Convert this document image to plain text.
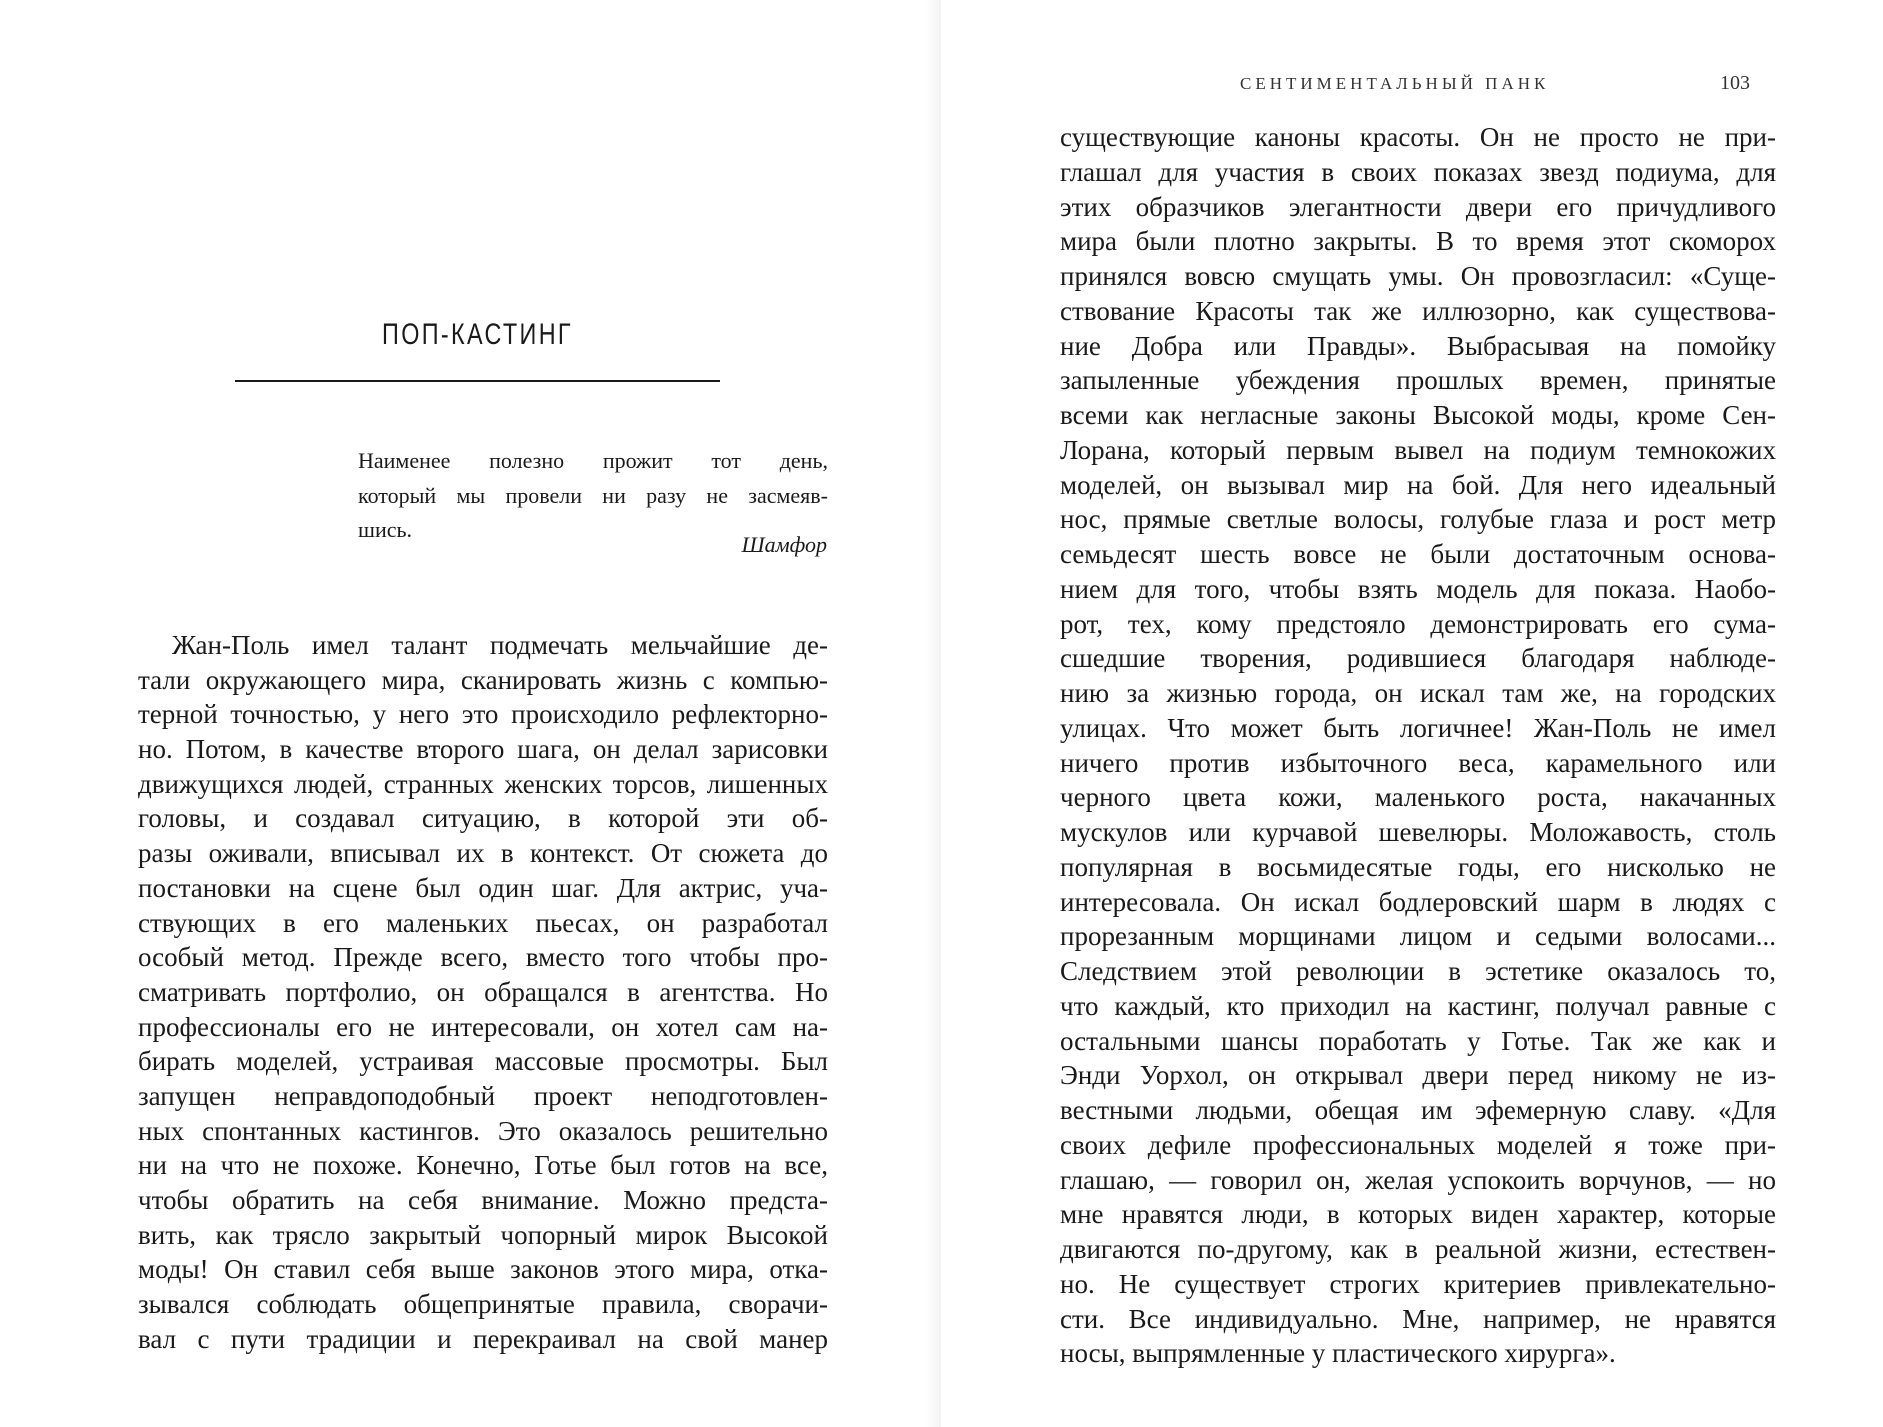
ПОП-КАСТИНГ
Наименее полезно прожит тот день,
который мы провели ни разу не засмеяв-
шись.

Шамфор

Жан-Поль имел талант подмечать мельчайшие де-
тали окружающего мира, сканировать жизнь с компью-
терной точностью, у него это происходило рефлекторно-
но. Потом, в качестве второго шага, он делал зарисовки
движущихся людей, странных женских торсов, лишенных
головы, и создавал ситуацию, в которой эти об-
разы оживали, вписывал их в контекст. От сюжета до
постановки на сцене был один шаг. Для актрис, уча-
ствующих в его маленьких пьесах, он разработал
особый метод. Прежде всего, вместо того чтобы про-
сматривать портфолио, он обращался в агентства. Но
профессионалы его не интересовали, он хотел сам на-
бирать моделей, устраивая массовые просмотры. Был
запущен неправдоподобный проект неподготовлен-
ных спонтанных кастингов. Это оказалось решительно
ни на что не похоже. Конечно, Готье был готов на все,
чтобы обратить на себя внимание. Можно предста-
вить, как трясло закрытый чопорный мирок Высокой
моды! Он ставил себя выше законов этого мира, отка-
зывался соблюдать общепринятые правила, сворачи-
вал с пути традиции и перекраивал на свой манер

СЕНТИМЕНТАЛЬНЫЙ ПАНК	103

существующие каноны красоты. Он не просто не при-
глашал для участия в своих показах звезд подиума, для
этих образчиков элегантности двери его причудливого
мира были плотно закрыты. В то время этот скоморох
принялся вовсю смущать умы. Он провозгласил: «Суще-
ствование Красоты так же иллюзорно, как существова-
ние Добра или Правды». Выбрасывая на помойку
запыленные убеждения прошлых времен, принятые
всеми как негласные законы Высокой моды, кроме Сен-
Лорана, который первым вывел на подиум темнокожих
моделей, он вызывал мир на бой. Для него идеальный
нос, прямые светлые волосы, голубые глаза и рост метр
семьдесят шесть вовсе не были достаточным основа-
нием для того, чтобы взять модель для показа. Наобо-
рот, тех, кому предстояло демонстрировать его сума-
сшедшие творения, родившиеся благодаря наблюде-
нию за жизнью города, он искал там же, на городских
улицах. Что может быть логичнее! Жан-Поль не имел
ничего против избыточного веса, карамельного или
черного цвета кожи, маленького роста, накачанных
мускулов или курчавой шевелюры. Моложавость, столь
популярная в восьмидесятые годы, его нисколько не
интересовала. Он искал бодлеровский шарм в людях с
прорезанным морщинами лицом и седыми волосами...
Следствием этой революции в эстетике оказалось то,
что каждый, кто приходил на кастинг, получал равные с
остальными шансы поработать у Готье. Так же как и
Энди Уорхол, он открывал двери перед никому не из-
вестными людьми, обещая им эфемерную славу. «Для
своих дефиле профессиональных моделей я тоже при-
глашаю, — говорил он, желая успокоить ворчунов, — но
мне нравятся люди, в которых виден характер, которые
двигаются по-другому, как в реальной жизни, естествен-
но. Не существует строгих критериев привлекательно-
сти. Все индивидуально. Мне, например, не нравятся
носы, выпрямленные у пластического хирурга».
